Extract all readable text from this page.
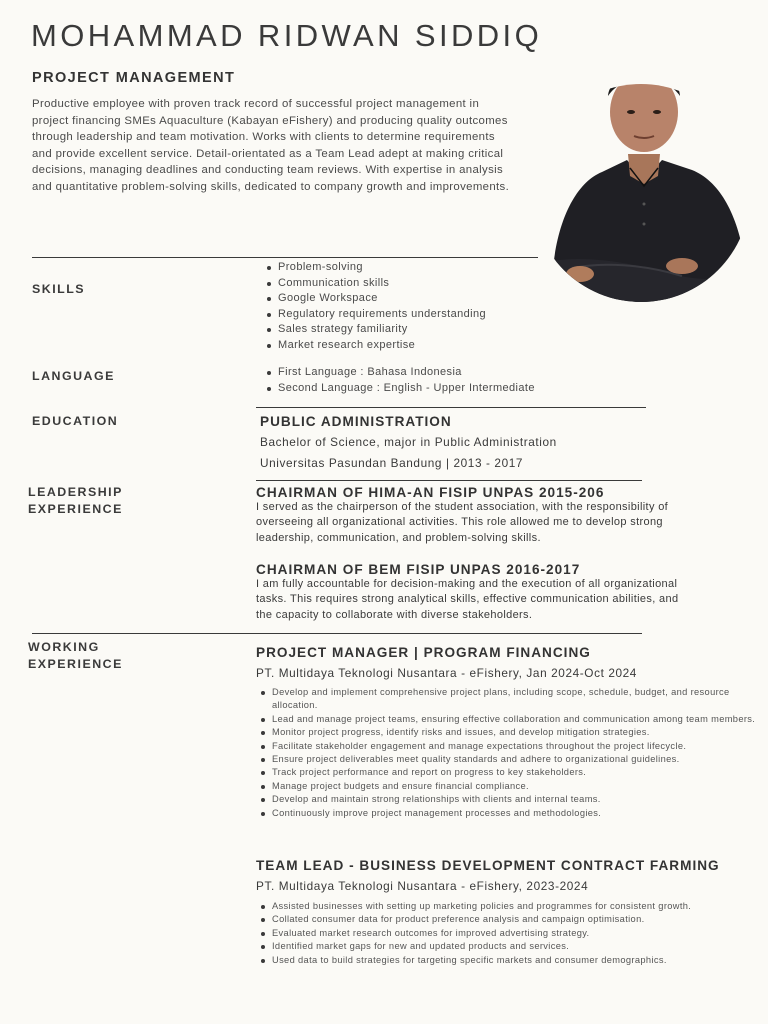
MOHAMMAD RIDWAN SIDDIQ
PROJECT MANAGEMENT
Productive employee with proven track record of successful project management in project financing SMEs Aquaculture (Kabayan eFishery) and producing quality outcomes through leadership and team motivation. Works with clients to determine requirements and provide excellent service. Detail-orientated as a Team Lead adept at making critical decisions, managing deadlines and conducting team reviews. With expertise in analysis and quantitative problem-solving skills, dedicated to company growth and improvements.
SKILLS
Problem-solving
Communication skills
Google Workspace
Regulatory requirements understanding
Sales strategy familiarity
Market research expertise
LANGUAGE	First Language : Bahasa Indonesia
Second Language : English - Upper Intermediate
EDUCATION	PUBLIC ADMINISTRATION
Bachelor of Science, major in Public Administration
Universitas Pasundan Bandung | 2013 - 2017
LEADERSHIP
EXPERIENCE
CHAIRMAN OF HIMA-AN FISIP UNPAS 2015-206
I served as the chairperson of the student association, with the responsibility of
overseeing all organizational activities. This role allowed me to develop strong
leadership, communication, and problem-solving skills.
CHAIRMAN OF BEM FISIP UNPAS 2016-2017
I am fully accountable for decision-making and the execution of all organizational
tasks. This requires strong analytical skills, effective communication abilities, and
the capacity to collaborate with diverse stakeholders.
WORKING
EXPERIENCE
PROJECT MANAGER | PROGRAM FINANCING
PT. Multidaya Teknologi Nusantara - eFishery, Jan 2024-Oct 2024
Develop and implement comprehensive project plans, including scope, schedule, budget, and resource allocation.
Lead and manage project teams, ensuring effective collaboration and communication among team members.
Monitor project progress, identify risks and issues, and develop mitigation strategies.
Facilitate stakeholder engagement and manage expectations throughout the project lifecycle.
Ensure project deliverables meet quality standards and adhere to organizational guidelines.
Track project performance and report on progress to key stakeholders.
Manage project budgets and ensure financial compliance.
Develop and maintain strong relationships with clients and internal teams.
Continuously improve project management processes and methodologies.
TEAM LEAD - BUSINESS DEVELOPMENT CONTRACT FARMING
PT. Multidaya Teknologi Nusantara - eFishery, 2023-2024
Assisted businesses with setting up marketing policies and programmes for consistent growth.
Collated consumer data for product preference analysis and campaign optimisation.
Evaluated market research outcomes for improved advertising strategy.
Identified market gaps for new and updated products and services.
Used data to build strategies for targeting specific markets and consumer demographics.
